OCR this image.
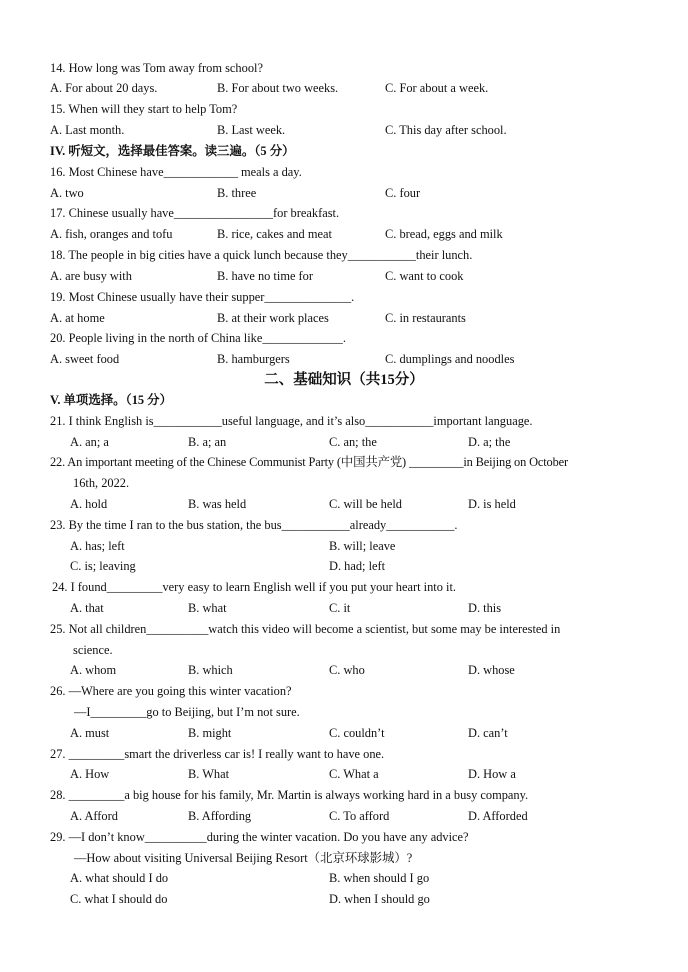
14. How long was Tom away from school?
A. For about 20 days.	B. For about two weeks.	C. For about a week.
15. When will they start to help Tom?
A. Last month.	B. Last week.	C. This day after school.
IV. 听短文，选择最佳答案。读三遍。（5 分）
16. Most Chinese have____________ meals a day.
A. two	B. three	C. four
17. Chinese usually have________________for breakfast.
A. fish, oranges and tofu	B. rice, cakes and meat	C. bread, eggs and milk
18. The people in big cities have a quick lunch because they___________their lunch.
A. are busy with	B. have no time for	C. want to cook
19. Most Chinese usually have their supper______________.
A. at home	B. at their work places	C. in restaurants
20. People living in the north of China like_____________.
A. sweet food	B. hamburgers	C. dumplings and noodles
二、基础知识（共15分）
V. 单项选择。（15 分）
21. I think English is___________useful language, and it’s also___________important language.
A. an; a	B. a; an	C. an; the	D. a; the
22. An important meeting of the Chinese Communist Party (中国共产党) _________in Beijing on October
16th, 2022.
A. hold	B. was held	C. will be held	D. is held
23. By the time I ran to the bus station, the bus___________already___________.
A. has; left	B. will; leave
C. is; leaving	D. had; left
24. I found_________very easy to learn English well if you put your heart into it.
A. that	B. what	C. it	D. this
25. Not all children__________watch this video will become a scientist, but some may be interested in
science.
A. whom	B. which	C. who	D. whose
26. —Where are you going this winter vacation?
—I_________go to Beijing, but I’m not sure.
A. must	B. might	C. couldn’t	D. can’t
27. _________smart the driverless car is! I really want to have one.
A. How	B. What	C. What a	D. How a
28. _________a big house for his family, Mr. Martin is always working hard in a busy company.
A. Afford	B. Affording	C. To afford	D. Afforded
29. —I don’t know__________during the winter vacation. Do you have any advice?
—How about visiting Universal Beijing Resort（北京环球影城）?
A. what should I do	B. when should I go
C. what I should do	D. when I should go
